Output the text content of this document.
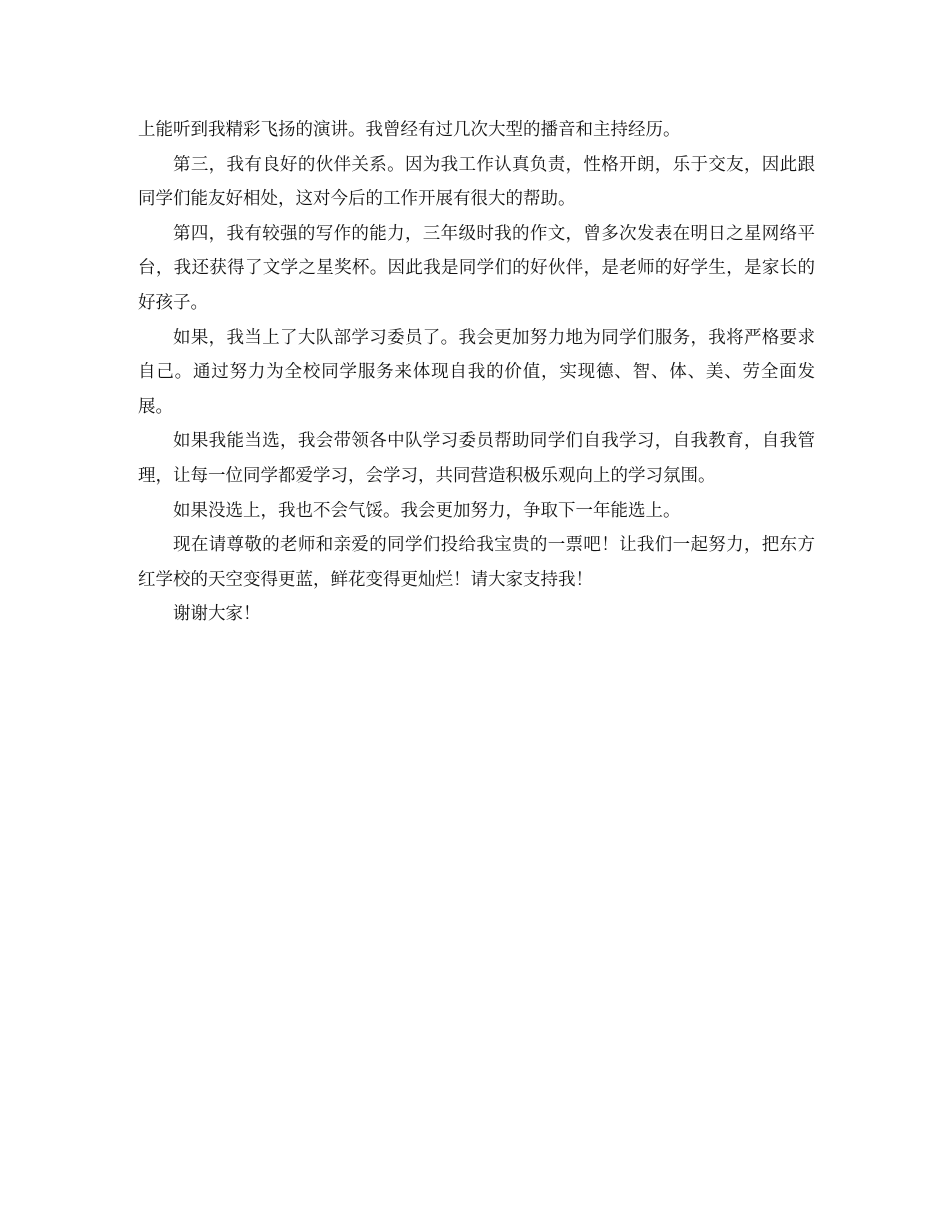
上能听到我精彩飞扬的演讲。我曾经有过几次大型的播音和主持经历。

第三，我有良好的伙伴关系。因为我工作认真负责，性格开朗，乐于交友，因此跟同学们能友好相处，这对今后的工作开展有很大的帮助。

第四，我有较强的写作的能力，三年级时我的作文，曾多次发表在明日之星网络平台，我还获得了文学之星奖杯。因此我是同学们的好伙伴，是老师的好学生，是家长的好孩子。

如果，我当上了大队部学习委员了。我会更加努力地为同学们服务，我将严格要求自己。通过努力为全校同学服务来体现自我的价值，实现德、智、体、美、劳全面发展。

如果我能当选，我会带领各中队学习委员帮助同学们自我学习，自我教育，自我管理，让每一位同学都爱学习，会学习，共同营造积极乐观向上的学习氛围。

如果没选上，我也不会气馁。我会更加努力，争取下一年能选上。

现在请尊敬的老师和亲爱的同学们投给我宝贵的一票吧！让我们一起努力，把东方红学校的天空变得更蓝，鲜花变得更灿烂！请大家支持我！

谢谢大家！
